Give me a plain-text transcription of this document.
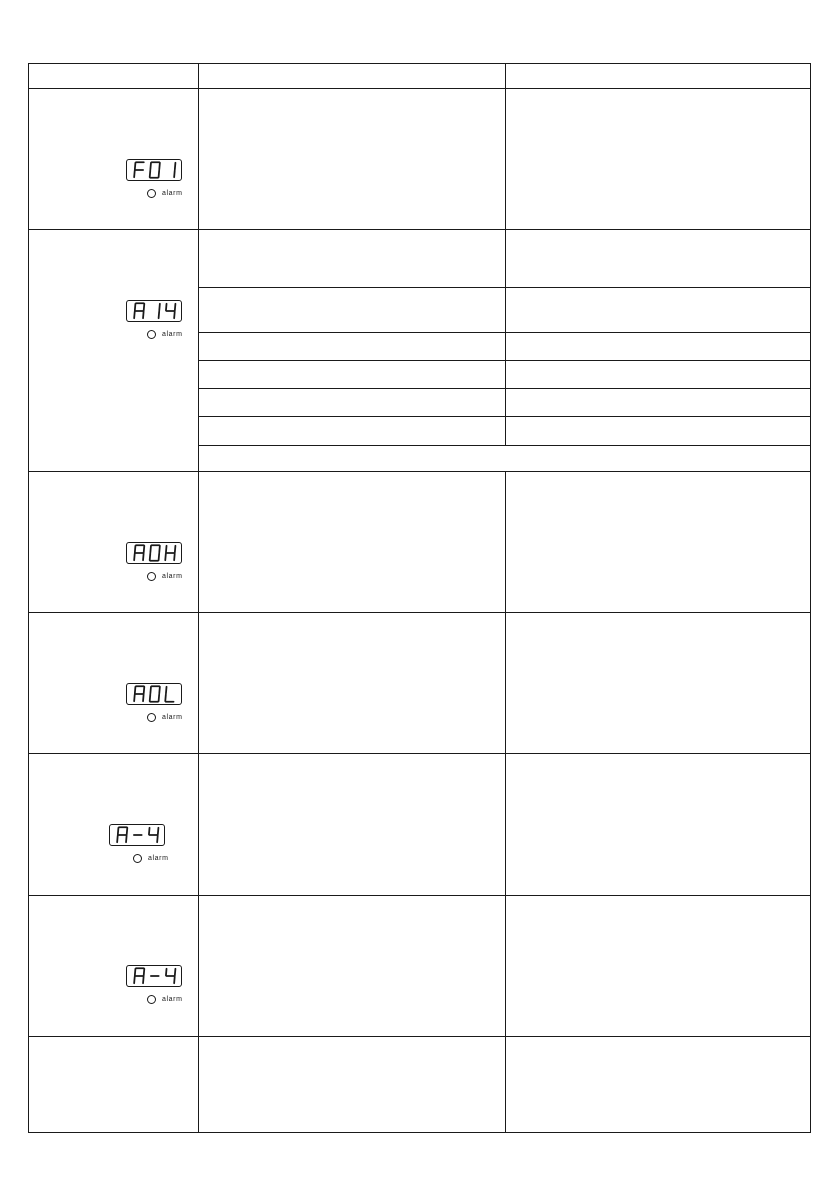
alarm		

alarm		

alarm		

alarm		

alarm		

alarm		
